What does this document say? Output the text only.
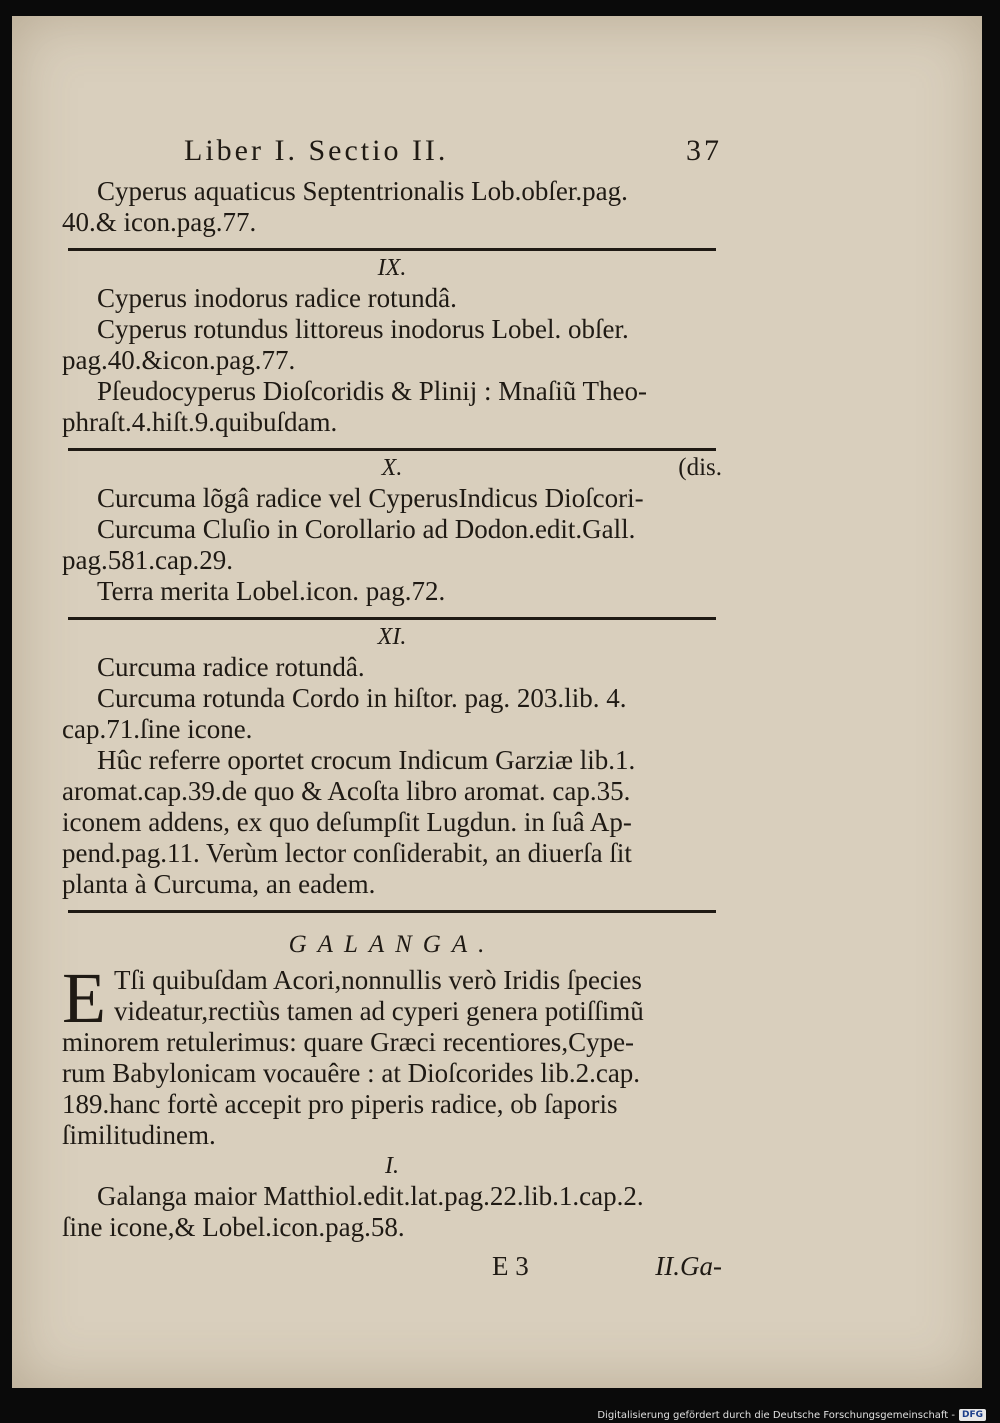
Liber I. Sectio II.	37
Cyperus aquaticus Septentrionalis Lob.obſer.pag.
40.& icon.pag.77.
IX.
Cyperus inodorus radice rotundâ.
Cyperus rotundus littoreus inodorus Lobel. obſer.
pag.40.&icon.pag.77.
Pſeudocyperus Dioſcoridis & Plinij : Mnaſiũ Theo-
phraſt.4.hiſt.9.quibuſdam.
X.	(dis.
Curcuma lõgâ radice vel CyperusIndicus Dioſcori-
Curcuma Cluſio in Corollario ad Dodon.edit.Gall.
pag.581.cap.29.
Terra merita Lobel.icon. pag.72.
XI.
Curcuma radice rotundâ.
Curcuma rotunda Cordo in hiſtor. pag. 203.lib. 4.
cap.71.ſine icone.
Hûc referre oportet crocum Indicum Garziæ lib.1.
aromat.cap.39.de quo & Acoſta libro aromat. cap.35.
iconem addens, ex quo deſumpſit Lugdun. in ſuâ Ap-
pend.pag.11. Verùm lector conſiderabit, an diuerſa ſit
planta à Curcuma, an eadem.
GALANGA.
E Tſi quibuſdam Acori,nonnullis verò Iridis ſpecies
videatur,rectiùs tamen ad cyperi genera potiſſimũ
minorem retulerimus: quare Græci recentiores,Cype-
rum Babylonicam vocauêre : at Dioſcorides lib.2.cap.
189.hanc fortè accepit pro piperis radice, ob ſaporis
ſimilitudinem.
I.
Galanga maior Matthiol.edit.lat.pag.22.lib.1.cap.2.
ſine icone,& Lobel.icon.pag.58.
E 3	II.Ga-
Digitalisierung gefördert durch die Deutsche Forschungsgemeinschaft - DFG
